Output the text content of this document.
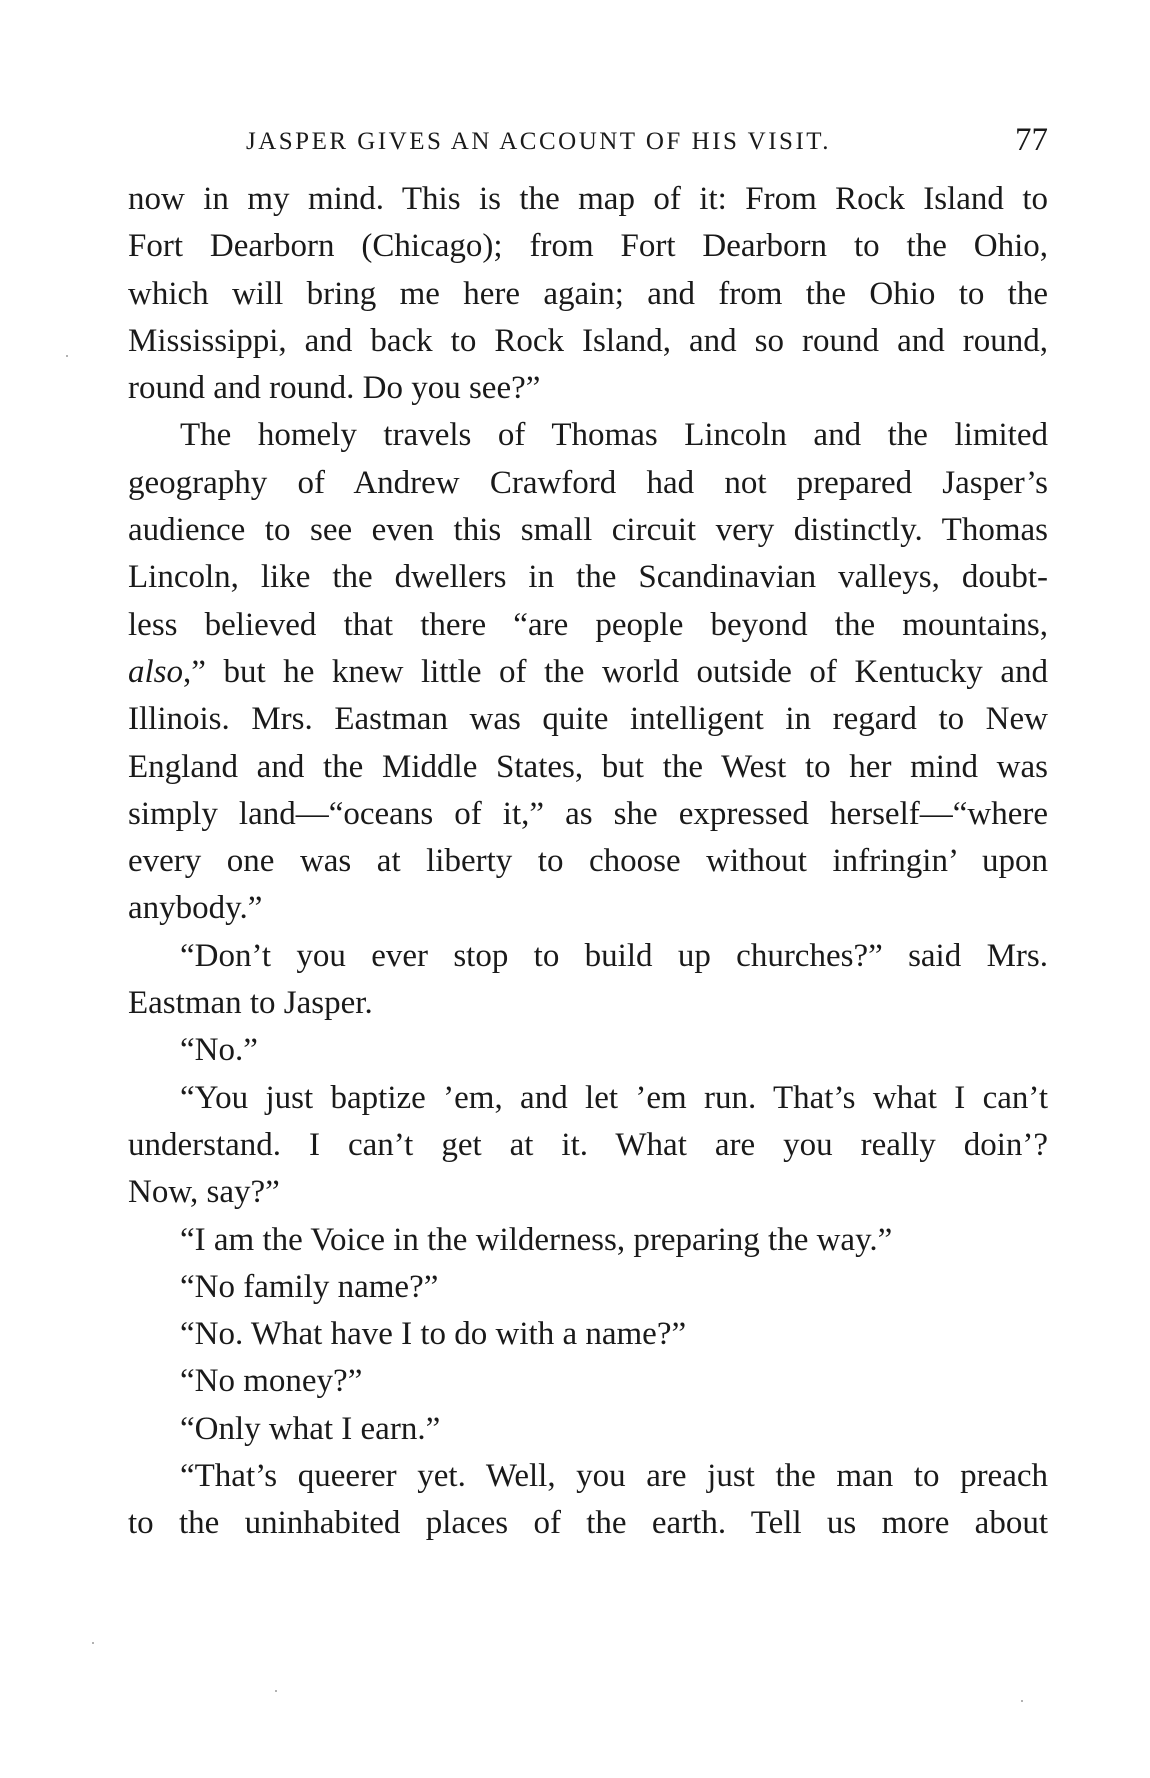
JASPER GIVES AN ACCOUNT OF HIS VISIT.	77
now in my mind. This is the map of it: From Rock Island to
Fort Dearborn (Chicago); from Fort Dearborn to the Ohio,
which will bring me here again; and from the Ohio to the
Mississippi, and back to Rock Island, and so round and round,
round and round. Do you see?”
The homely travels of Thomas Lincoln and the limited
geography of Andrew Crawford had not prepared Jasper’s
audience to see even this small circuit very distinctly. Thomas
Lincoln, like the dwellers in the Scandinavian valleys, doubt-
less believed that there “are people beyond the mountains,
also,” but he knew little of the world outside of Kentucky and
Illinois. Mrs. Eastman was quite intelligent in regard to New
England and the Middle States, but the West to her mind was
simply land—“oceans of it,” as she expressed herself—“where
every one was at liberty to choose without infringin’ upon
anybody.”
“Don’t you ever stop to build up churches?” said Mrs.
Eastman to Jasper.
“No.”
“You just baptize ’em, and let ’em run. That’s what I can’t
understand. I can’t get at it. What are you really doin’?
Now, say?”
“I am the Voice in the wilderness, preparing the way.”
“No family name?”
“No. What have I to do with a name?”
“No money?”
“Only what I earn.”
“That’s queerer yet. Well, you are just the man to preach
to the uninhabited places of the earth. Tell us more about
